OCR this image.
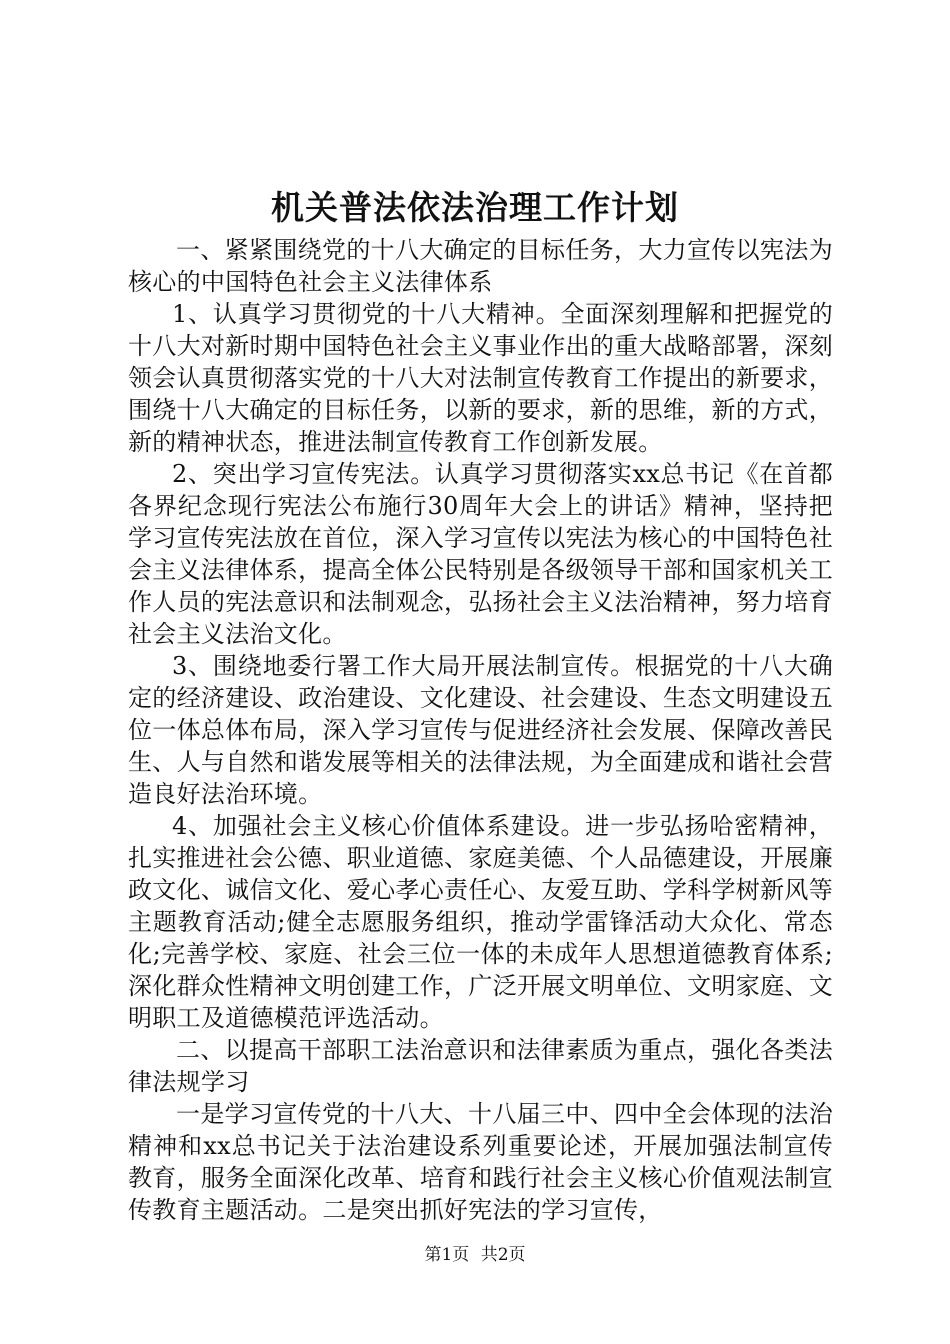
机关普法依法治理工作计划

一、紧紧围绕党的十八大确定的目标任务，大力宣传以宪法为核心的中国特色社会主义法律体系

1、认真学习贯彻党的十八大精神。全面深刻理解和把握党的十八大对新时期中国特色社会主义事业作出的重大战略部署，深刻领会认真贯彻落实党的十八大对法制宣传教育工作提出的新要求，围绕十八大确定的目标任务，以新的要求，新的思维，新的方式，新的精神状态，推进法制宣传教育工作创新发展。

2、突出学习宣传宪法。认真学习贯彻落实xx总书记《在首都各界纪念现行宪法公布施行30周年大会上的讲话》精神，坚持把学习宣传宪法放在首位，深入学习宣传以宪法为核心的中国特色社会主义法律体系，提高全体公民特别是各级领导干部和国家机关工作人员的宪法意识和法制观念，弘扬社会主义法治精神，努力培育社会主义法治文化。

3、围绕地委行署工作大局开展法制宣传。根据党的十八大确定的经济建设、政治建设、文化建设、社会建设、生态文明建设五位一体总体布局，深入学习宣传与促进经济社会发展、保障改善民生、人与自然和谐发展等相关的法律法规，为全面建成和谐社会营造良好法治环境。

4、加强社会主义核心价值体系建设。进一步弘扬哈密精神，扎实推进社会公德、职业道德、家庭美德、个人品德建设，开展廉政文化、诚信文化、爱心孝心责任心、友爱互助、学科学树新风等主题教育活动;健全志愿服务组织，推动学雷锋活动大众化、常态化;完善学校、家庭、社会三位一体的未成年人思想道德教育体系;深化群众性精神文明创建工作，广泛开展文明单位、文明家庭、文明职工及道德模范评选活动。

二、以提高干部职工法治意识和法律素质为重点，强化各类法律法规学习

一是学习宣传党的十八大、十八届三中、四中全会体现的法治精神和xx总书记关于法治建设系列重要论述，开展加强法制宣传教育，服务全面深化改革、培育和践行社会主义核心价值观法制宣传教育主题活动。二是突出抓好宪法的学习宣传，

第1页 共2页
